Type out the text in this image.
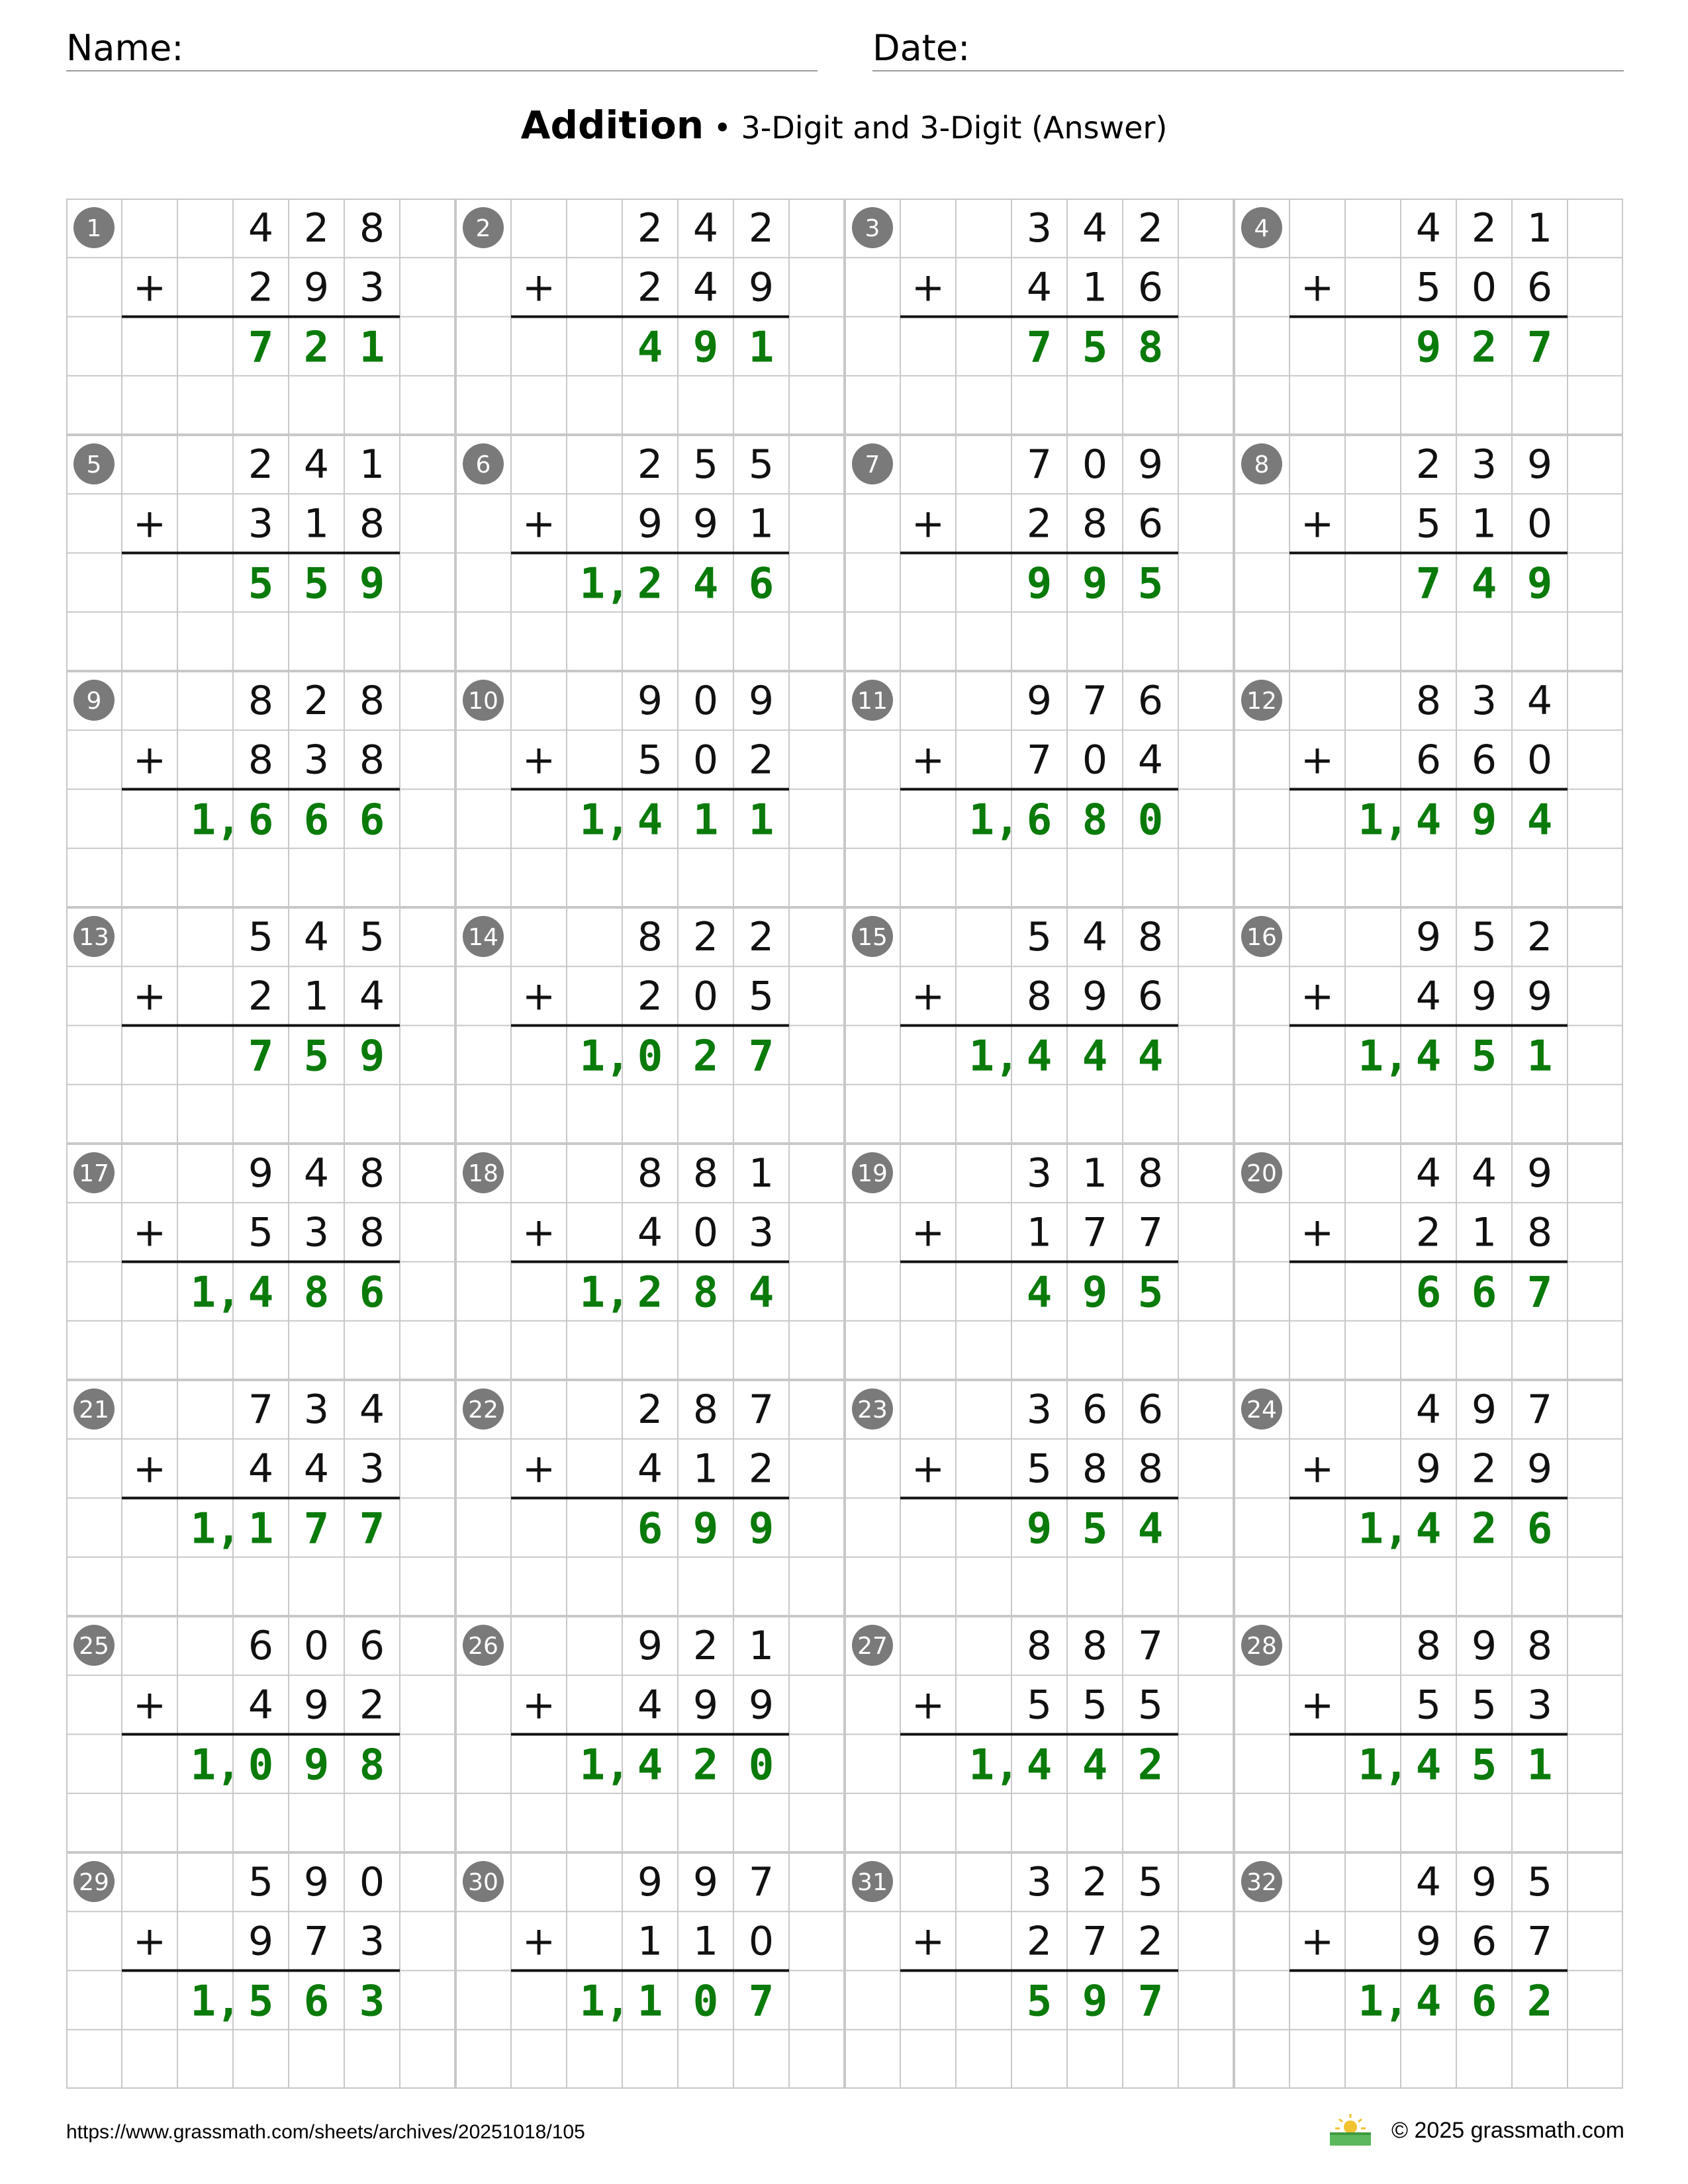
Name:	Date:
Addition • 3-Digit and 3-Digit (Answer)
1	4 2 8
+ 2 9 3
7 2 1
2	2 4 2
+ 2 4 9
4 9 1
3	3 4 2
+ 4 1 6
7 5 8
4	4 2 1
+ 5 0 6
9 2 7
5	2 4 1
+ 3 1 8
5 5 9
6	2 5 5
+ 9 9 1
1, 2 4 6
7	7 0 9
+ 2 8 6
9 9 5
8	2 3 9
+ 5 1 0
7 4 9
9	8 2 8
+ 8 3 8
1, 6 6 6
10	9 0 9
+ 5 0 2
1, 4 1 1
11	9 7 6
+ 7 0 4
1, 6 8 0
12	8 3 4
+ 6 6 0
1, 4 9 4
13	5 4 5
+ 2 1 4
7 5 9
14	8 2 2
+ 2 0 5
1, 0 2 7
15	5 4 8
+ 8 9 6
1, 4 4 4
16	9 5 2
+ 4 9 9
1, 4 5 1
17	9 4 8
+ 5 3 8
1, 4 8 6
18	8 8 1
+ 4 0 3
1, 2 8 4
19	3 1 8
+ 1 7 7
4 9 5
20	4 4 9
+ 2 1 8
6 6 7
21	7 3 4
+ 4 4 3
1, 1 7 7
22	2 8 7
+ 4 1 2
6 9 9
23	3 6 6
+ 5 8 8
9 5 4
24	4 9 7
+ 9 2 9
1, 4 2 6
25	6 0 6
+ 4 9 2
1, 0 9 8
26	9 2 1
+ 4 9 9
1, 4 2 0
27	8 8 7
+ 5 5 5
1, 4 4 2
28	8 9 8
+ 5 5 3
1, 4 5 1
29	5 9 0
+ 9 7 3
1, 5 6 3
30	9 9 7
+ 1 1 0
1, 1 0 7
31	3 2 5
+ 2 7 2
5 9 7
32	4 9 5
+ 9 6 7
1, 4 6 2
https://www.grassmath.com/sheets/archives/20251018/105	© 2025 grassmath.com
